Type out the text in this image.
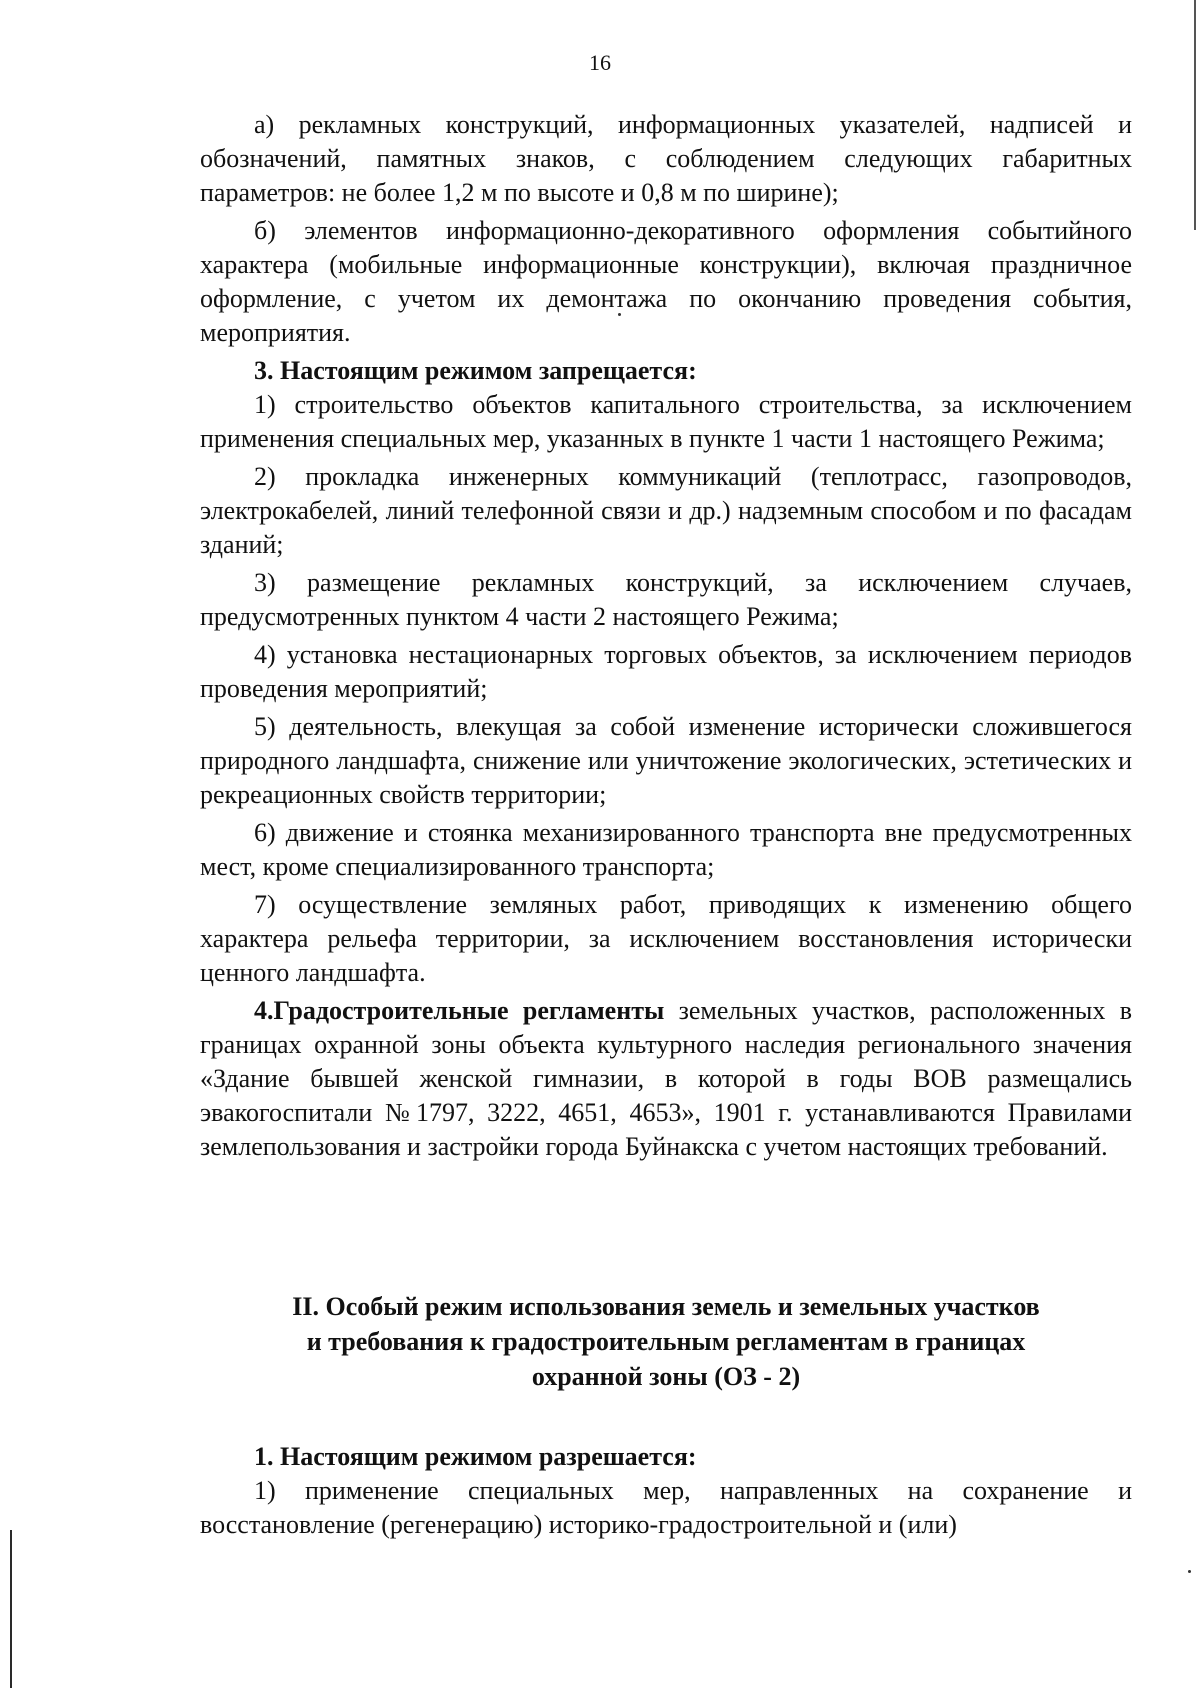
16

а) рекламных конструкций, информационных указателей, надписей и обозначений, памятных знаков, с соблюдением следующих габаритных параметров: не более 1,2 м по высоте и 0,8 м по ширине);

б) элементов информационно-декоративного оформления событийного характера (мобильные информационные конструкции), включая праздничное оформление, с учетом их демонтажа по окончанию проведения события, мероприятия.

3. Настоящим режимом запрещается:

1) строительство объектов капитального строительства, за исключением применения специальных мер, указанных в пункте 1 части 1 настоящего Режима;

2) прокладка инженерных коммуникаций (теплотрасс, газопроводов, электрокабелей, линий телефонной связи и др.) надземным способом и по фасадам зданий;

3) размещение рекламных конструкций, за исключением случаев, предусмотренных пунктом 4 части 2 настоящего Режима;

4) установка нестационарных торговых объектов, за исключением периодов проведения мероприятий;

5) деятельность, влекущая за собой изменение исторически сложившегося природного ландшафта, снижение или уничтожение экологических, эстетических и рекреационных свойств территории;

6) движение и стоянка механизированного транспорта вне предусмотренных мест, кроме специализированного транспорта;

7) осуществление земляных работ, приводящих к изменению общего характера рельефа территории, за исключением восстановления исторически ценного ландшафта.

4.Градостроительные регламенты земельных участков, расположенных в границах охранной зоны объекта культурного наследия регионального значения «Здание бывшей женской гимназии, в которой в годы ВОВ размещались эвакогоспитали №1797, 3222, 4651, 4653», 1901 г. устанавливаются Правилами землепользования и застройки города Буйнакска с учетом настоящих требований.

II. Особый режим использования земель и земельных участков
и требования к градостроительным регламентам в границах
охранной зоны (ОЗ - 2)

1. Настоящим режимом разрешается:

1) применение специальных мер, направленных на сохранение и восстановление (регенерацию) историко-градостроительной и (или)
